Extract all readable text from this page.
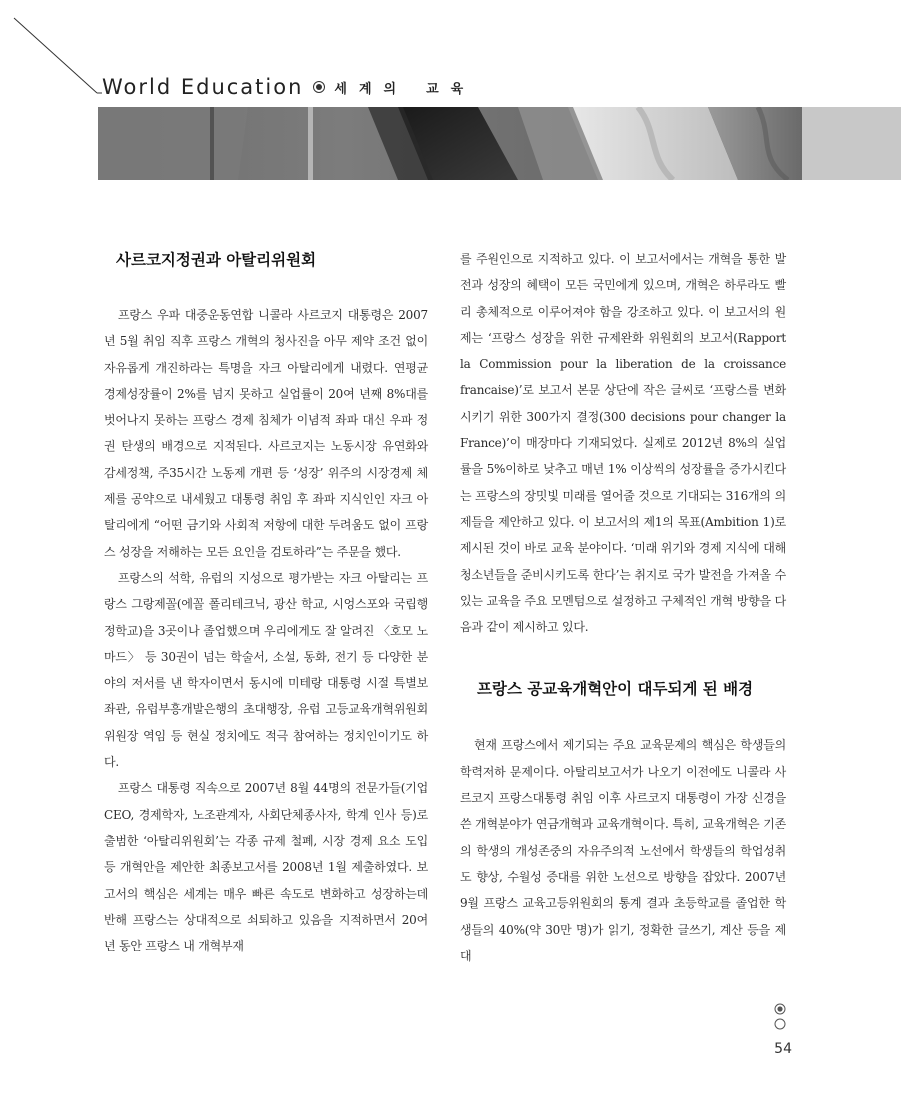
World Education 세 계 의 교 육
사르코지정권과 아탈리위원회

프랑스 우파 대중운동연합 니콜라 사르코지 대통령은 2007년 5월 취임 직후 프랑스 개혁의 청사진을 아무 제약 조건 없이 자유롭게 개진하라는 특명을 자크 아탈리에게 내렸다. 연평균 경제성장률이 2%를 넘지 못하고 실업률이 20여 년째 8%대를 벗어나지 못하는 프랑스 경제 침체가 이념적 좌파 대신 우파 정권 탄생의 배경으로 지적된다. 사르코지는 노동시장 유연화와 감세정책, 주35시간 노동제 개편 등 ‘성장’ 위주의 시장경제 체제를 공약으로 내세웠고 대통령 취임 후 좌파 지식인인 자크 아탈리에게 “어떤 금기와 사회적 저항에 대한 두려움도 없이 프랑스 성장을 저해하는 모든 요인을 검토하라”는 주문을 했다.

프랑스의 석학, 유럽의 지성으로 평가받는 자크 아탈리는 프랑스 그랑제꼴(에꼴 폴리테크닉, 광산 학교, 시엉스포와 국립행정학교)을 3곳이나 졸업했으며 우리에게도 잘 알려진 〈호모 노마드〉 등 30권이 넘는 학술서, 소설, 동화, 전기 등 다양한 분야의 저서를 낸 학자이면서 동시에 미테랑 대통령 시절 특별보좌관, 유럽부흥개발은행의 초대행장, 유럽 고등교육개혁위원회 위원장 역임 등 현실 정치에도 적극 참여하는 정치인이기도 하다.

프랑스 대통령 직속으로 2007년 8월 44명의 전문가들(기업 CEO, 경제학자, 노조관계자, 사회단체종사자, 학계 인사 등)로 출범한 ‘아탈리위원회’는 각종 규제 철폐, 시장 경제 요소 도입 등 개혁안을 제안한 최종보고서를 2008년 1월 제출하였다. 보고서의 핵심은 세계는 매우 빠른 속도로 변화하고 성장하는데 반해 프랑스는 상대적으로 쇠퇴하고 있음을 지적하면서 20여 년 동안 프랑스 내 개혁부재

를 주원인으로 지적하고 있다. 이 보고서에서는 개혁을 통한 발전과 성장의 혜택이 모든 국민에게 있으며, 개혁은 하루라도 빨리 총체적으로 이루어져야 함을 강조하고 있다. 이 보고서의 원제는 ‘프랑스 성장을 위한 규제완화 위원회의 보고서(Rapport la Commission pour la liberation de la croissance francaise)’로 보고서 본문 상단에 작은 글씨로 ‘프랑스를 변화시키기 위한 300가지 결정(300 decisions pour changer la France)’이 매장마다 기재되었다. 실제로 2012년 8%의 실업률을 5%이하로 낮추고 매년 1% 이상씩의 성장률을 증가시킨다는 프랑스의 장밋빛 미래를 열어줄 것으로 기대되는 316개의 의제들을 제안하고 있다. 이 보고서의 제1의 목표(Ambition 1)로 제시된 것이 바로 교육 분야이다. ‘미래 위기와 경제 지식에 대해 청소년들을 준비시키도록 한다’는 취지로 국가 발전을 가져올 수 있는 교육을 주요 모멘텀으로 설정하고 구체적인 개혁 방향을 다음과 같이 제시하고 있다.

프랑스 공교육개혁안이 대두되게 된 배경

현재 프랑스에서 제기되는 주요 교육문제의 핵심은 학생들의 학력저하 문제이다. 아탈리보고서가 나오기 이전에도 니콜라 사르코지 프랑스대통령 취임 이후 사르코지 대통령이 가장 신경을 쓴 개혁분야가 연금개혁과 교육개혁이다. 특히, 교육개혁은 기존의 학생의 개성존중의 자유주의적 노선에서 학생들의 학업성취도 향상, 수월성 증대를 위한 노선으로 방향을 잡았다. 2007년 9월 프랑스 교육고등위원회의 통계 결과 초등학교를 졸업한 학생들의 40%(약 30만 명)가 읽기, 정확한 글쓰기, 계산 등을 제대

54
